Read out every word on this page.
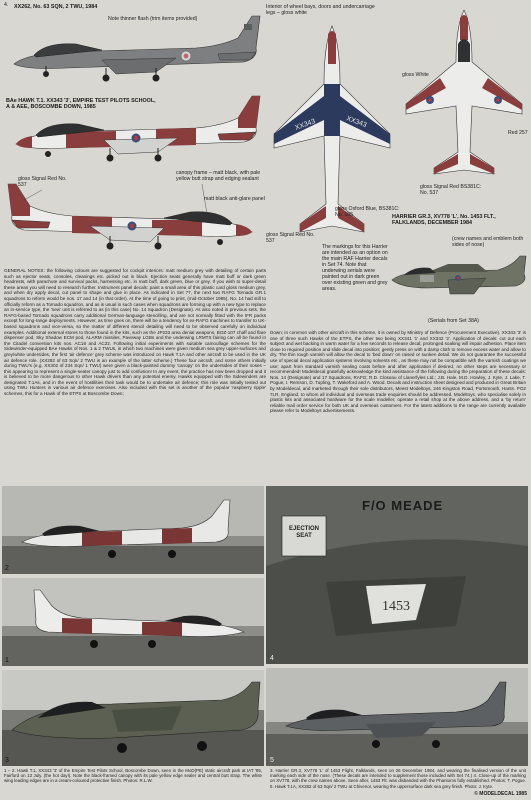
4. XX262, No. 63 SQN, 2 TWU, 1984
Note thinner flash (trim items provided)
BAe HAWK T.1. XX343 '3', EMPIRE TEST PILOTS SCHOOL, A & AEE, BOSCOMBE DOWN, 1985
gloss Signal Red No. 537
canopy frame – matt black, with pale yellow butt strap and edging sealant
matt black anti-glare panel
Interior of wheel bays, doors and undercarriage legs – gloss white
XX343	XX343
gloss Oxford Blue, BS381C: No. 105
gloss Signal Red No. 537
gloss White
Red 257
gloss Signal Red BS381C: No. 537
HARRIER GR.3, XV778 'L', No. 1453 FLT., FALKLANDS, DECEMBER 1984
(crew names and emblem both sides of nose)
The markings for this Harrier are intended as an option on the main RAF Harrier decals in Set 74. Note that underwing serials were painted out in dark green over existing green and grey areas.
(Serials from Set 38A)
GENERAL NOTES: the following colours are suggested for cockpit interiors: matt medium grey with detailing of certain parts such as ejector seats, consoles, cleanings etc. picked out in black. Ejection seats generally have matt buff or dark green headrests, with parachute and survival packs, harnessing etc. in matt buff, dark green, blue or grey. If you wish to super-detail these areas you will need to research further. Instrument panel decals: paint a small area of this plastic card gloss medium grey, and when dry apply decal, cut panel to shape and glue in place. As indicated in Set 77, the next two RAFG Tornado GR.1 squadrons to reform would be nos. 17 and 14 (in that order). At the time of going to print, (mid-October 1985), No. 14 had still to officially reform as a Tornado squadron, and as is usual in such cases when squadrons are forming up with a new type to replace an in-service type, the 'new' unit is referred to as (in this case) No. 14 Squadron (Designate). As also noted in previous sets, the RAFG-based Tornado squadrons carry additional German-language stencilling, and are not normally fitted with the IFR packs except for long-range deployments. However, as time goes on, there will be a tendency for ex-RAFG machines to transfer to UK-based squadrons and vice-versa, so the matter of different stencil detailing will need to be observed carefully on individual examples. Additional external stores to those found in the kits, such as the JP233 area denial weapons, BOZ-107 chaff and flare dispenser pod, Sky Shadow ECM pod, ALARM missiles, Paveway LGBs and the underwing LRMTS fairing can all be found in the Citadel conversion kits nos. AC18 and AC22. Following initial experiments with suitable camouflage schemes for the Sidewinder-equipped BAe Hawks of Nos. 1 & 2 TWUs, in which two machines were given medium sea grey upper-surfaces and grey/white undersides, the first 'air defence' grey scheme was introduced on Hawk T.1A and other aircraft to be used in the UK air defence role. (XX282 of 63 Sqn/ 2 TWU is an example of the latter scheme.) These four aircraft, and some others initially during TWU's (e.g. XX302 of 234 Sqn/ 1 TWU) were given a black-painted dummy 'canopy' on the undersides of their noses – this appearing to represent a single-seater canopy just to add confusion! In any event, the practice has now been dropped and it is believed to be more dangerous to other Hawk drivers than any potential enemy. Hawks equipped with the Sidewinders are designated T.1As, and in the event of hostilities their task would be to undertake air defence; this role was initially tested out using TWU Hunters in various air defence exercises. Also included with this set is another of the popular 'raspberry ripple' schemes, this for a Hawk of the ETPS at Boscombe Down;
Down; in common with other aircraft in this scheme, it is owned by Ministry of Defence (Procurement Executive). XX343 '3' is one of three such Hawks of the ETPS, the other two being XX341 '1' and XX342 '2'. Application of decals: cut out each subject and wet backing in warm water for a few seconds to release decal; prolonged soaking will impair adhesion. Place item close to required position and slide decal into position; gently press on with a damp cloth to remove excess water and allow to dry. The thin tough varnish will allow the decal to 'bed down' on raised or sunken detail. We do not guarantee the successful use of special decal application systems involving solvents etc., as these may not be compatible with the varnish coatings we use; apart from standard varnish sealing coats before and after application if desired, no other steps are necessary or recommended! Modeldecal gratefully acknowledge the kind assistance of the following during the preparation of these decals: Nos. 14 (Designate) and 17 Squadrons, RAFG; R.D. Closeau of Llanerfyles Ltd.; J.B. Hale, M.D. Howley, J. Kyte, J. Lake, T. Pogue, I. Remson, D. Tupling, T. Wakeford and A. Wood. Decals and instruction sheet designed and produced in Great Britain by Modeldecal, and marketed through their sole distributors, Meest Modeltoys, 246 Kingston Road, Portsmouth, Hants. PO2 7LR, England, to whom all individual and overseas trade enquiries should be addressed. Modeltoys, who specialise solely in plastic kits and associated hardware for the scale modeller, operate a retail shop at the above address, and a 'by return' reliable mail order service for both UK and overseas customers. For the latest additions to the range are currently available please refer to Modeltoys advertisements.
2
1453
F/O MEADE
EJECTION SEAT
4
1
3	5
1 – 2. Hawk T.1, XX343 '3' of the Empire Test Pilots School, Boscombe Down, seen in the MoD(PE) static aircraft park at IAT '85, Fairford on 13 July. (the hot day!). Note the black-framed canopy with its pale yellow edge sealer and central butt strap. The white wing leading edges are in a cream-coloured protective finish. Photos: R.L.W.
3. Harrier GR.3, XV778 'L' of 1453 Flight, Falklands, seen on 26 December 1984, and wearing the finalised version of the unit marking each side of the nose. (These decals are intended to supplement those included with Set 74.) 4. Close-up of the marking on XV778, with the crew names above. Seen after, 1453 Flt. was disbanded with the Phantoms fully established. Photos: T. Pogue. 5. Hawk T.1A, XX282 of 63 Sqn/ 2 TWU at Chivenor, wearing the uppersurface dark sea grey finish. Photo: J. Kyte.
© MODELDECAL 1985
